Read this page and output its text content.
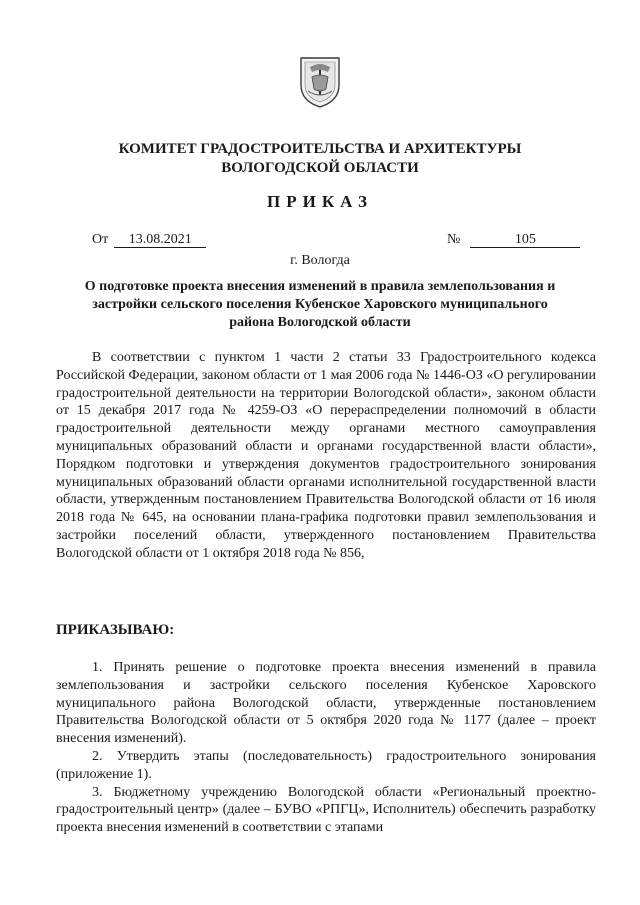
КОМИТЕТ ГРАДОСТРОИТЕЛЬСТВА И АРХИТЕКТУРЫ
ВОЛОГОДСКОЙ ОБЛАСТИ
ПРИКАЗ
От 13.08.2021	№	105
г. Вологда
О подготовке проекта внесения изменений в правила землепользования и застройки сельского поселения Кубенское Харовского муниципального района Вологодской области

В соответствии с пунктом 1 части 2 статьи 33 Градостроительного кодекса Российской Федерации, законом области от 1 мая 2006 года № 1446-ОЗ «О регулировании градостроительной деятельности на территории Вологодской области», законом области от 15 декабря 2017 года № 4259-ОЗ «О перераспределении полномочий в области градостроительной деятельности между органами местного самоуправления муниципальных образований области и органами государственной власти области», Порядком подготовки и утверждения документов градостроительного зонирования муниципальных образований области органами исполнительной государственной власти области, утвержденным постановлением Правительства Вологодской области от 16 июля 2018 года № 645, на основании плана-графика подготовки правил землепользования и застройки поселений области, утвержденного постановлением Правительства Вологодской области от 1 октября 2018 года № 856,

ПРИКАЗЫВАЮ:

1. Принять решение о подготовке проекта внесения изменений в правила землепользования и застройки сельского поселения Кубенское Харовского муниципального района Вологодской области, утвержденные постановлением Правительства Вологодской области от 5 октября 2020 года № 1177 (далее – проект внесения изменений).

2. Утвердить этапы (последовательность) градостроительного зонирования (приложение 1).

3. Бюджетному учреждению Вологодской области «Региональный проектно-градостроительный центр» (далее – БУВО «РПГЦ», Исполнитель) обеспечить разработку проекта внесения изменений в соответствии с этапами
